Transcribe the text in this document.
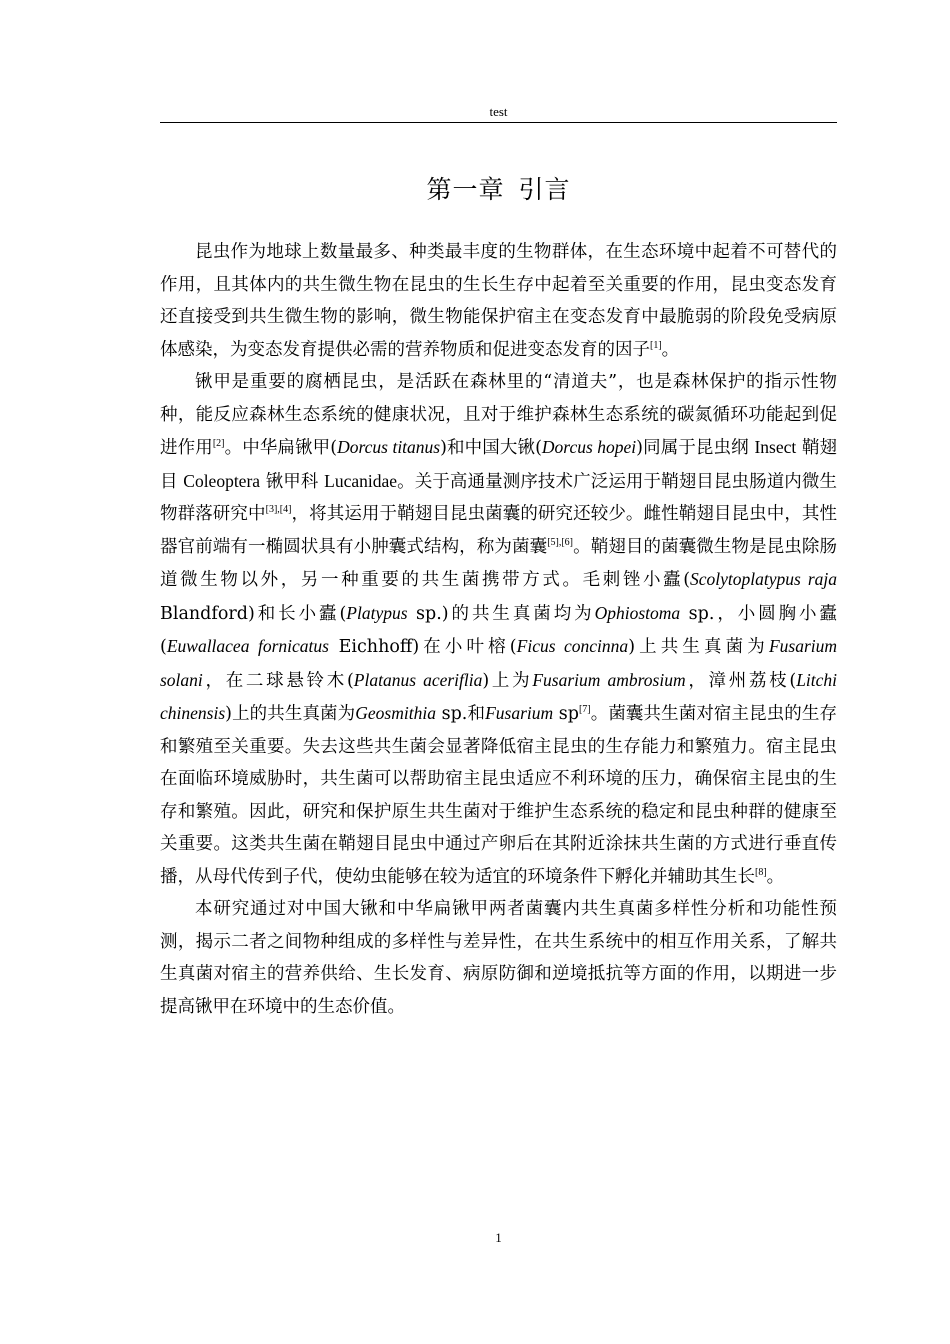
test
第一章 引言

昆虫作为地球上数量最多、种类最丰度的生物群体，在生态环境中起着不可替代的作用，且其体内的共生微生物在昆虫的生长生存中起着至关重要的作用，昆虫变态发育还直接受到共生微生物的影响，微生物能保护宿主在变态发育中最脆弱的阶段免受病原体感染，为变态发育提供必需的营养物质和促进变态发育的因子[1]。

锹甲是重要的腐栖昆虫，是活跃在森林里的“清道夫”，也是森林保护的指示性物种，能反应森林生态系统的健康状况，且对于维护森林生态系统的碳氮循环功能起到促进作用[2]。中华扁锹甲(Dorcus titanus)和中国大锹(Dorcus hopei)同属于昆虫纲 Insect 鞘翅目 Coleoptera 锹甲科 Lucanidae。关于高通量测序技术广泛运用于鞘翅目昆虫肠道内微生物群落研究中[3],[4]，将其运用于鞘翅目昆虫菌囊的研究还较少。雌性鞘翅目昆虫中，其性器官前端有一椭圆状具有小肿囊式结构，称为菌囊[5],[6]。鞘翅目的菌囊微生物是昆虫除肠道微生物以外，另一种重要的共生菌携带方式。毛刺锉小蠹(Scolytoplatypus raja Blandford)和长小蠹(Platypus sp.)的共生真菌均为Ophiostoma sp.，小圆胸小蠹(Euwallacea fornicatus Eichhoff)在小叶榕(Ficus concinna)上共生真菌为Fusarium solani，在二球悬铃木(Platanus aceriflia)上为Fusarium ambrosium，漳州荔枝(Litchi chinensis)上的共生真菌为Geosmithia sp.和Fusarium sp[7]。菌囊共生菌对宿主昆虫的生存和繁殖至关重要。失去这些共生菌会显著降低宿主昆虫的生存能力和繁殖力。宿主昆虫在面临环境威胁时，共生菌可以帮助宿主昆虫适应不利环境的压力，确保宿主昆虫的生存和繁殖。因此，研究和保护原生共生菌对于维护生态系统的稳定和昆虫种群的健康至关重要。这类共生菌在鞘翅目昆虫中通过产卵后在其附近涂抹共生菌的方式进行垂直传播，从母代传到子代，使幼虫能够在较为适宜的环境条件下孵化并辅助其生长[8]。

本研究通过对中国大锹和中华扁锹甲两者菌囊内共生真菌多样性分析和功能性预测，揭示二者之间物种组成的多样性与差异性，在共生系统中的相互作用关系，了解共生真菌对宿主的营养供给、生长发育、病原防御和逆境抵抗等方面的作用，以期进一步提高锹甲在环境中的生态价值。

1
